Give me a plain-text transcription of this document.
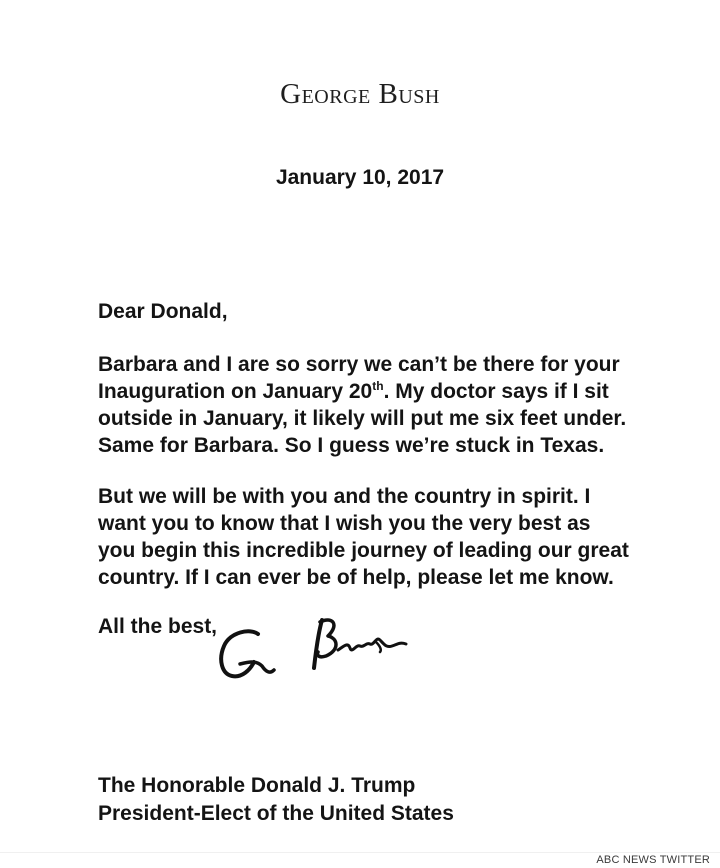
George Bush
January 10, 2017
Dear Donald,
Barbara and I are so sorry we can’t be there for your
Inauguration on January 20th. My doctor says if I sit
outside in January, it likely will put me six feet under.
Same for Barbara. So I guess we’re stuck in Texas.
But we will be with you and the country in spirit. I
want you to know that I wish you the very best as
you begin this incredible journey of leading our great
country. If I can ever be of help, please let me know.
All the best,
The Honorable Donald J. Trump
President-Elect of the United States
ABC NEWS TWITTER
